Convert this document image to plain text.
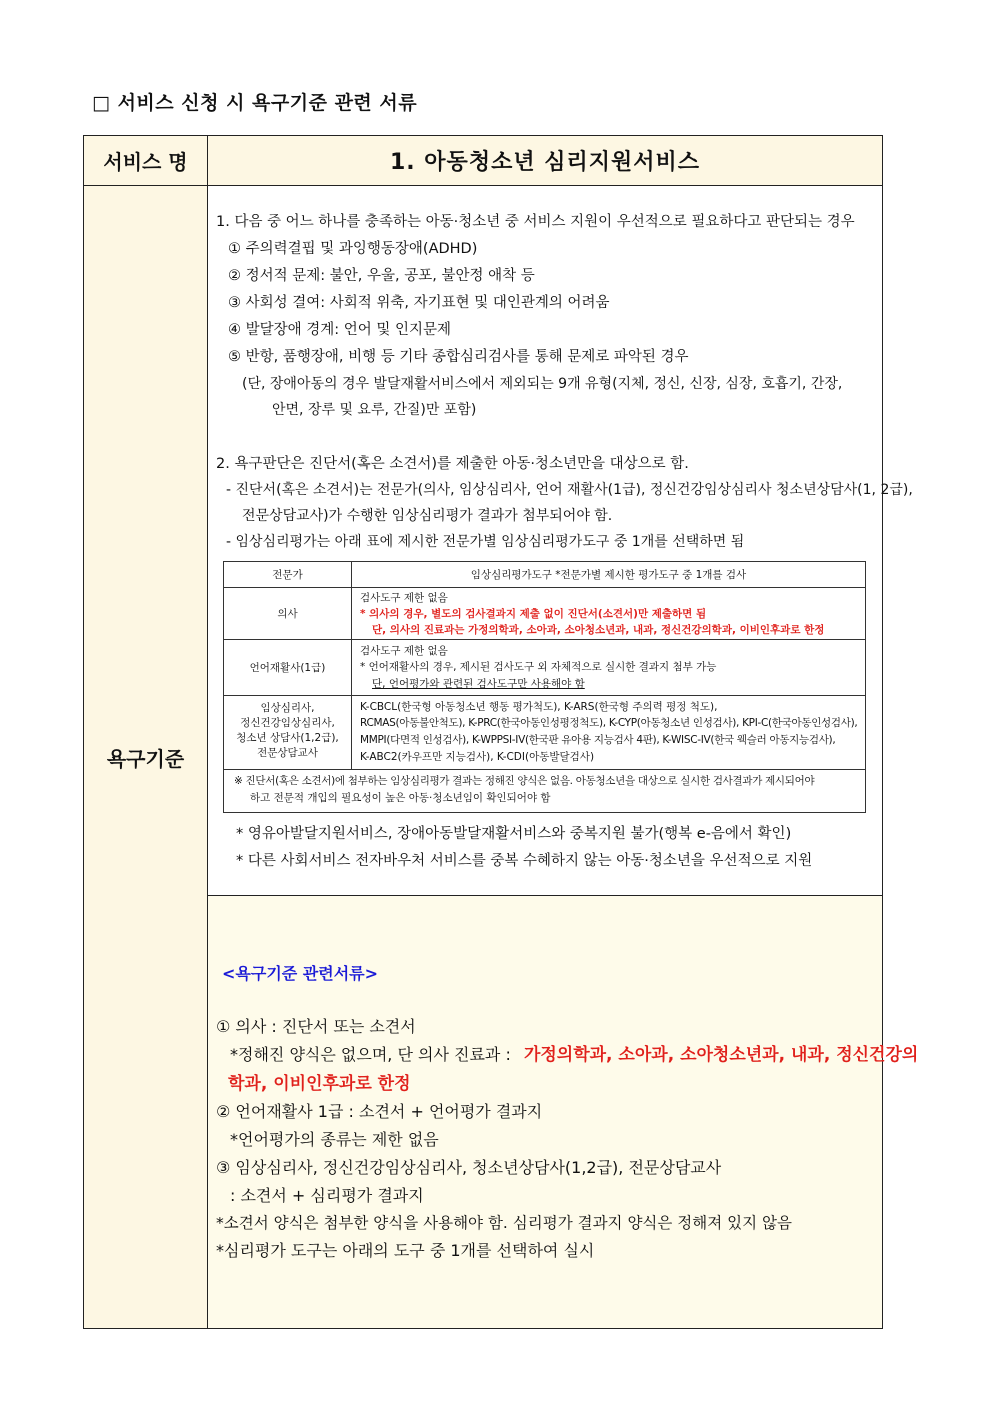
□ 서비스 신청 시 욕구기준 관련 서류
서비스 명	1. 아동청소년 심리지원서비스
욕구기준
1. 다음 중 어느 하나를 충족하는 아동·청소년 중 서비스 지원이 우선적으로 필요하다고 판단되는 경우
① 주의력결핍 및 과잉행동장애(ADHD)
② 정서적 문제: 불안, 우울, 공포, 불안정 애착 등
③ 사회성 결여: 사회적 위축, 자기표현 및 대인관계의 어려움
④ 발달장애 경계: 언어 및 인지문제
⑤ 반항, 품행장애, 비행 등 기타 종합심리검사를 통해 문제로 파악된 경우
(단, 장애아동의 경우 발달재활서비스에서 제외되는 9개 유형(지체, 정신, 신장, 심장, 호흡기, 간장,
안면, 장루 및 요루, 간질)만 포함)
2. 욕구판단은 진단서(혹은 소견서)를 제출한 아동·청소년만을 대상으로 함.
- 진단서(혹은 소견서)는 전문가(의사, 임상심리사, 언어 재활사(1급), 정신건강임상심리사 청소년상담사(1, 2급),
전문상담교사)가 수행한 임상심리평가 결과가 첨부되어야 함.
- 임상심리평가는 아래 표에 제시한 전문가별 임상심리평가도구 중 1개를 선택하면 됨
전문가	임상심리평가도구 *전문가별 제시한 평가도구 중 1개를 검사
의사
검사도구 제한 없음
* 의사의 경우, 별도의 검사결과지 제출 없이 진단서(소견서)만 제출하면 됨
단, 의사의 진료과는 가정의학과, 소아과, 소아청소년과, 내과, 정신건강의학과, 이비인후과로 한정
언어재활사(1급)
검사도구 제한 없음
* 언어재활사의 경우, 제시된 검사도구 외 자체적으로 실시한 결과지 첨부 가능
단, 언어평가와 관련된 검사도구만 사용해야 함
임상심리사,
정신건강임상심리사,
청소년 상담사(1,2급),
전문상담교사
K-CBCL(한국형 아동청소년 행동 평가척도), K-ARS(한국형 주의력 평정 척도),
RCMAS(아동불안척도), K-PRC(한국아동인성평정척도), K-CYP(아동청소년 인성검사), KPI-C(한국아동인성검사),
MMPI(다면적 인성검사), K-WPPSI-IV(한국판 유아용 지능검사 4판), K-WISC-IV(한국 웩슬러 아동지능검사),
K-ABC2(카우프만 지능검사), K-CDI(아동발달검사)
※ 진단서(혹은 소견서)에 첨부하는 임상심리평가 결과는 정해진 양식은 없음. 아동청소년을 대상으로 실시한 검사결과가 제시되어야
하고 전문적 개입의 필요성이 높은 아동·청소년임이 확인되어야 함
* 영유아발달지원서비스, 장애아동발달재활서비스와 중복지원 불가(행복 e-음에서 확인)
* 다른 사회서비스 전자바우처 서비스를 중복 수혜하지 않는 아동·청소년을 우선적으로 지원
<욕구기준 관련서류>
① 의사 : 진단서 또는 소견서
*정해진 양식은 없으며, 단 의사 진료과 : 가정의학과, 소아과, 소아청소년과, 내과, 정신건강의
학과, 이비인후과로 한정
② 언어재활사 1급 : 소견서 + 언어평가 결과지
*언어평가의 종류는 제한 없음
③ 임상심리사, 정신건강임상심리사, 청소년상담사(1,2급), 전문상담교사
: 소견서 + 심리평가 결과지
*소견서 양식은 첨부한 양식을 사용해야 함. 심리평가 결과지 양식은 정해져 있지 않음
*심리평가 도구는 아래의 도구 중 1개를 선택하여 실시
